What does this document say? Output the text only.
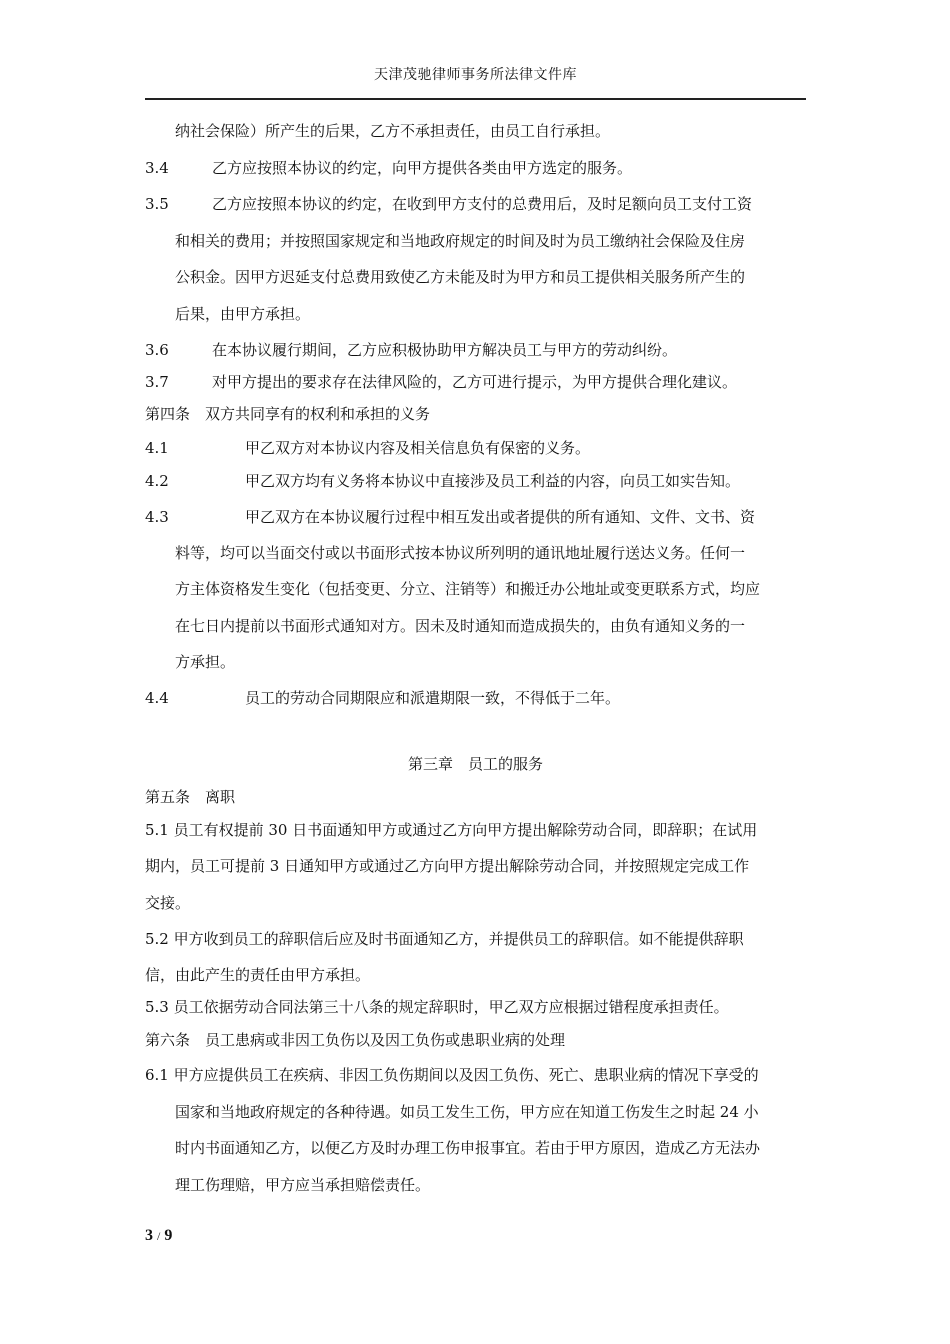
天津茂驰律师事务所法律文件库
纳社会保险）所产生的后果，乙方不承担责任，由员工自行承担。
3.4	乙方应按照本协议的约定，向甲方提供各类由甲方选定的服务。
3.5	乙方应按照本协议的约定，在收到甲方支付的总费用后，及时足额向员工支付工资
和相关的费用；并按照国家规定和当地政府规定的时间及时为员工缴纳社会保险及住房
公积金。因甲方迟延支付总费用致使乙方未能及时为甲方和员工提供相关服务所产生的
后果，由甲方承担。
3.6	在本协议履行期间，乙方应积极协助甲方解决员工与甲方的劳动纠纷。
3.7	对甲方提出的要求存在法律风险的，乙方可进行提示，为甲方提供合理化建议。
第四条　双方共同享有的权利和承担的义务
4.1	甲乙双方对本协议内容及相关信息负有保密的义务。
4.2	甲乙双方均有义务将本协议中直接涉及员工利益的内容，向员工如实告知。
4.3	甲乙双方在本协议履行过程中相互发出或者提供的所有通知、文件、文书、资
料等，均可以当面交付或以书面形式按本协议所列明的通讯地址履行送达义务。任何一
方主体资格发生变化（包括变更、分立、注销等）和搬迁办公地址或变更联系方式，均应
在七日内提前以书面形式通知对方。因未及时通知而造成损失的，由负有通知义务的一
方承担。
4.4	员工的劳动合同期限应和派遣期限一致，不得低于二年。
第三章　员工的服务
第五条　离职
5.1 员工有权提前 30 日书面通知甲方或通过乙方向甲方提出解除劳动合同，即辞职；在试用
期内，员工可提前 3 日通知甲方或通过乙方向甲方提出解除劳动合同，并按照规定完成工作
交接。
5.2 甲方收到员工的辞职信后应及时书面通知乙方，并提供员工的辞职信。如不能提供辞职
信，由此产生的责任由甲方承担。
5.3 员工依据劳动合同法第三十八条的规定辞职时，甲乙双方应根据过错程度承担责任。
第六条　员工患病或非因工负伤以及因工负伤或患职业病的处理
6.1 甲方应提供员工在疾病、非因工负伤期间以及因工负伤、死亡、患职业病的情况下享受的
国家和当地政府规定的各种待遇。如员工发生工伤，甲方应在知道工伤发生之时起 24 小
时内书面通知乙方，以便乙方及时办理工伤申报事宜。若由于甲方原因，造成乙方无法办
理工伤理赔，甲方应当承担赔偿责任。
3 / 9
